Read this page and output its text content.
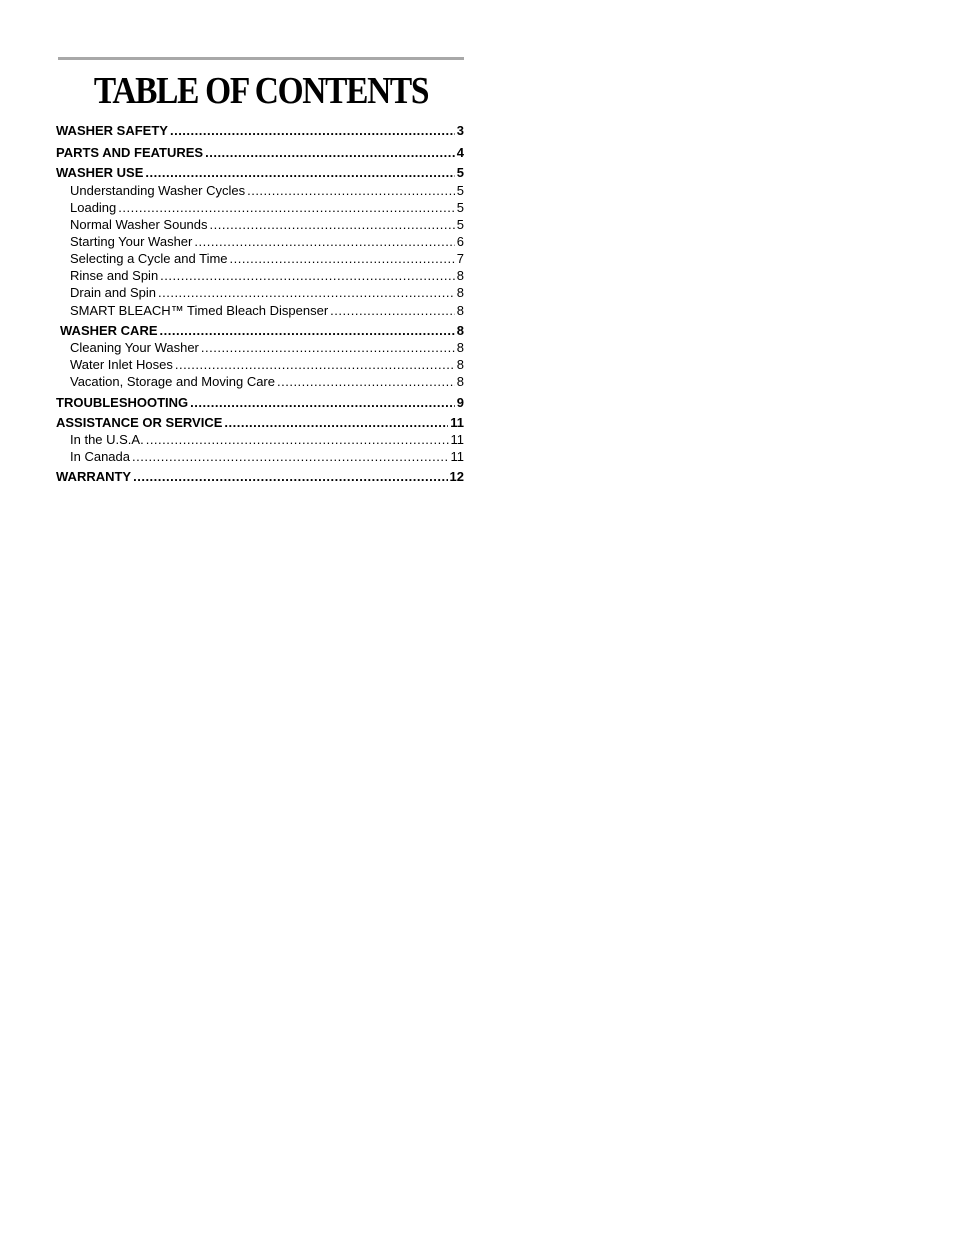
TABLE OF CONTENTS
WASHER SAFETY .....	3
PARTS AND FEATURES .....	4
WASHER USE .....	5
Understanding Washer Cycles .....	5
Loading .....	5
Normal Washer Sounds .....	5
Starting Your Washer .....	6
Selecting a Cycle and Time .....	7
Rinse and Spin .....	8
Drain and Spin .....	8
SMART BLEACH™ Timed Bleach Dispenser .....	8
WASHER CARE .....	8
Cleaning Your Washer .....	8
Water Inlet Hoses .....	8
Vacation, Storage and Moving Care .....	8
TROUBLESHOOTING .....	9
ASSISTANCE OR SERVICE .....	11
In the U.S.A. .....	11
In Canada .....	11
WARRANTY .....	12
